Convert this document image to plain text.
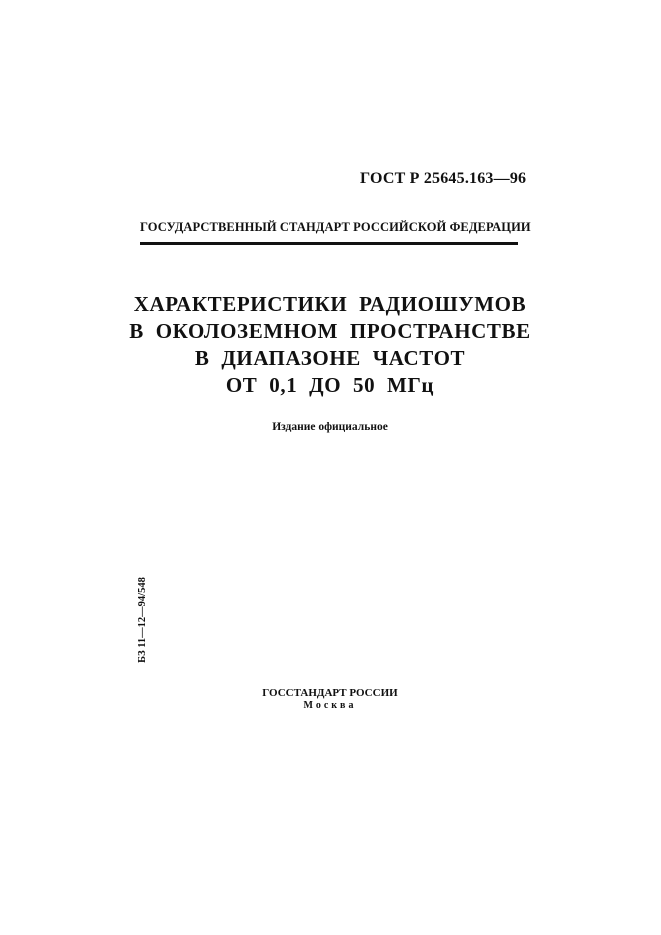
ГОСТ Р 25645.163—96
ГОСУДАРСТВЕННЫЙ СТАНДАРТ РОССИЙСКОЙ ФЕДЕРАЦИИ
ХАРАКТЕРИСТИКИ РАДИОШУМОВ
В ОКОЛОЗЕМНОМ ПРОСТРАНСТВЕ
В ДИАПАЗОНЕ ЧАСТОТ
ОТ 0,1 ДО 50 МГц
Издание официальное
БЗ 11—12—94/548
ГОССТАНДАРТ РОССИИ
Москва
